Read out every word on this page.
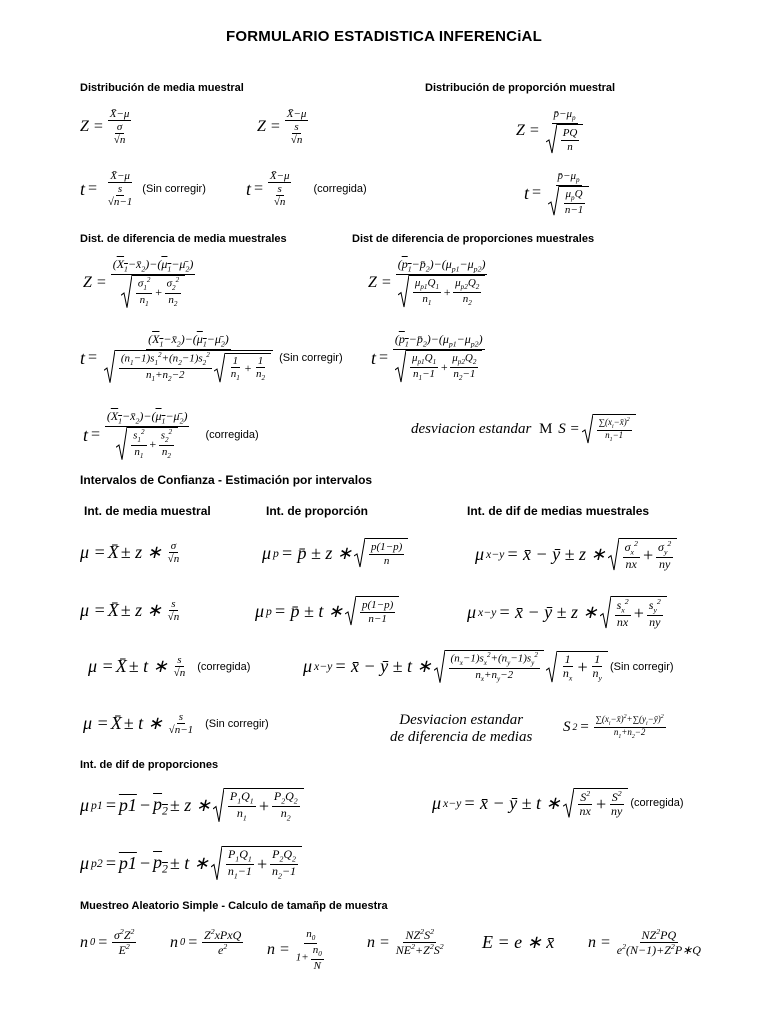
FORMULARIO ESTADISTICA INFERENCiAL
Distribución de media muestral	Distribución de proporción muestral
Dist. de diferencia de media muestrales	Dist de diferencia de proporciones muestrales
Intervalos de Confianza - Estimación por intervalos
Int. de media muestral	Int. de proporción	Int. de dif de medias muestrales
Int. de dif de proporciones
Muestreo Aleatorio Simple - Calculo de tamañp de muestra
$Z = \frac{X̄-\mu}{\frac{\sigma}{√n}}$	$Z = \frac{X̄-\mu}{\frac{s}{√n}}$
$t = \frac{X̄-\mu}{\frac{s}{√n-1}} (Sin$ corregir) $t = \frac{X̄-\mu}{\frac{s}{√n}}$ (corregida)
$Z = \frac{p̄-\mu_p}{\frac{PQ}{n}}$
$t = \frac{p̄-\mu_p}{\frac{\mu_pQ}{n-1}}$
$Z = \frac{(X_1-x̄_2)-(\mu_1-\mū_2)}{\frac{\sigma_1^2}{n_1} + \frac{\sigma_2^2}{n_2}}$
$t = \frac{(X_1-x̄_2)-(\mu_1-\mū_2)}{\frac{(n_1-1)s_1^2+(n_2-1)s_2^2}{n_1+n_2-2} \frac{1}{n_1} + \frac{1}{n_2}} (Sin$ corregir)
$t = \frac{(X_1-x̄_2)-(\mu_1-\mū_2)}{\frac{s_1^2}{n_1} + \frac{s_2^2}{n_2}}$ (corregida)
$Z = \frac{(p_1-p̄_2)-(\mu_{p1}-\mu_{p2})}{\frac{\mu_{p1}Q_1}{n_1} + \frac{\mu_{p2}Q_2}{n_2}}$
$t = \frac{(p_1-p̄_2)-(\mu_{p1}-\mu_{p2})}{\frac{\mu_{p1}Q_1}{n_1-1} + \frac{\mu_{p2}Q_2}{n_2-1}}$
desviacion estandar
M $S = \frac{\sum(x_i-x̄)^2}{n_1-1}$
μ = X̄ ± z ∗ $\frac{\sigma}{√n}$
μ = X̄ ± z ∗ $\frac{s}{√n}$
μ = X̄ ± t ∗ $\frac{s}{√n}$ (corregida)
μ = X̄ ± t ∗ $\frac{s}{√n-1} (Sin$ corregir)
μ p = p̄ ± z ∗ $\frac{p(1-p)}{n}$
μ p = p̄ ± t ∗ $\frac{p(1-p)}{n-1}$
μ x−y = x̄ − ȳ ± z ∗ $\frac{\sigma_x^2}{nx} + \frac{\sigma_y^2}{ny}$
μ x−y = x̄ − ȳ ± z ∗ $\frac{s_x^2}{nx} + \frac{s_y^2}{ny}$
μ x−y = x̄ − ȳ ± t ∗ $\frac{(n_x-1)s_x^2+(n_y-1)s_y^2}{n_x+n_y-2} \frac{1}{n_x} + \frac{1}{n_y} (Sin$ corregir)
Desviacion estandar
de diferencia de medias
S $2 = \frac{\sum(x_i-x̄)^2+\sum(y_i-ȳ)^2}{n_1+n_2-2}$
μ $p1 = p1 - p_2 \pm z$ ∗ $\frac{P_1Q_1}{n_1} + \frac{P_2Q_2}{n_2}$	μ x−y = x̄ − ȳ ± t ∗ $\frac{S^2}{nx} + \frac{S^2}{ny}$ (corregida)
μ $p2 = p1 - p_2 \pm t$ ∗ $\frac{P_1Q_1}{n_1-1} + \frac{P_2Q_2}{n_2-1}$
n $0 = \frac{\sigma^2Z^2}{E^2}$ n $0 = \frac{Z^2xPxQ}{e^2}$ $n = \frac{n_0}{1+ \frac{n_0}{N}}$ $n = \frac{NZ^2S^2}{NE^2+Z^2S^2}$ E = e ∗ x̄ $n = \frac{NZ^2PQ}{e^2(N-1)+Z^2P∗Q}$
